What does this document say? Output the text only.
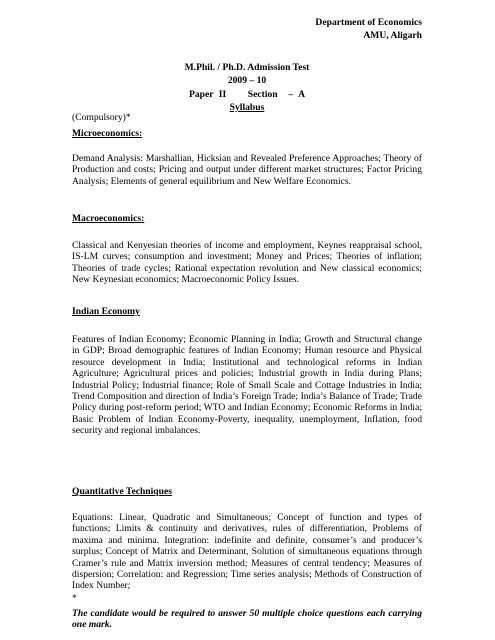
Department of Economics
AMU, Aligarh
M.Phil. / Ph.D. Admission Test
2009 – 10
Paper II    Section  – A
Syllabus
(Compulsory)*
Microeconomics:
Demand Analysis: Marshallian, Hicksian and Revealed Preference Approaches; Theory of Production and costs; Pricing and output under different market structures; Factor Pricing Analysis; Elements of general equilibrium and New Welfare Economics.
Macroeconomics:
Classical and Kenyesian theories of income and employment, Keynes reappraisal school, IS-LM curves; consumption and investment; Money and Prices; Theories of inflation; Theories of trade cycles; Rational expectation revolution and New classical economics; New Keynesian economics; Macroeconomic Policy Issues.
Indian Economy
Features of Indian Economy; Economic Planning in India; Growth and Structural change in GDP; Broad demographic features of Indian Economy; Human resource and Physical resource development in India; Institutional and technological reforms in Indian Agriculture; Agricultural prices and policies; Industrial growth in India during Plans; Industrial Policy; Industrial finance; Role of Small Scale and Cottage Industries in India; Trend Composition and direction of India’s Foreign Trade; India’s Balance of Trade; Trade Policy during post-reform period; WTO and Indian Economy; Economic Reforms in India; Basic Problem of Indian Economy-Poverty, inequality, unemployment, Inflation, food security and regional imbalances.
Quantitative Techniques
Equations: Linear, Quadratic and Simultaneous; Concept of function and types of functions; Limits & continuity and derivatives, rules of differentiation, Problems of maxima and minima. Integration: indefinite and definite, consumer’s and producer’s surplus; Concept of Matrix and Determinant, Solution of simultaneous equations through Cramer’s rule and Matrix inversion method; Measures of central tendency; Measures of dispersion; Correlation: and Regression; Time series analysis; Methods of Construction of Index Number;
*
The candidate would be required to answer 50 multiple choice questions each carrying one mark.
